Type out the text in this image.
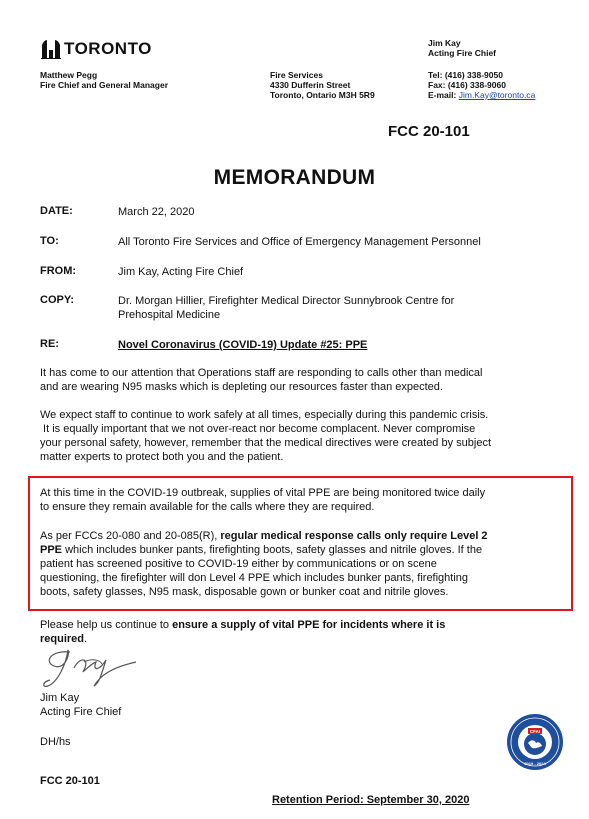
TORONTO	Jim Kay
Acting Fire Chief
Matthew Pegg
Fire Chief and General Manager
Fire Services
4330 Dufferin Street
Toronto, Ontario M3H 5R9
Tel: (416) 338-9050
Fax: (416) 338-9060
E-mail: Jim.Kay@toronto.ca
FCC 20-101
MEMORANDUM
DATE:	March 22, 2020
TO:	All Toronto Fire Services and Office of Emergency Management Personnel
FROM:	Jim Kay, Acting Fire Chief
COPY:	Dr. Morgan Hillier, Firefighter Medical Director Sunnybrook Centre for
Prehospital Medicine
RE:	Novel Coronavirus (COVID-19) Update #25: PPE
It has come to our attention that Operations staff are responding to calls other than medical
and are wearing N95 masks which is depleting our resources faster than expected.
We expect staff to continue to work safely at all times, especially during this pandemic crisis.
It is equally important that we not over-react nor become complacent. Never compromise
your personal safety, however, remember that the medical directives were created by subject
matter experts to protect both you and the patient.
At this time in the COVID-19 outbreak, supplies of vital PPE are being monitored twice daily
to ensure they remain available for the calls where they are required.
As per FCCs 20-080 and 20-085(R), regular medical response calls only require Level 2
PPE which includes bunker pants, firefighting boots, safety glasses and nitrile gloves. If the
patient has screened positive to COVID-19 either by communications or on scene
questioning, the firefighter will don Level 4 PPE which includes bunker pants, firefighting
boots, safety glasses, N95 mask, disposable gown or bunker coat and nitrile gloves.
Please help us continue to ensure a supply of vital PPE for incidents where it is
required.
Jim Kay
Acting Fire Chief
DH/hs
CFAI
2019 - 2024
FCC 20-101
Retention Period: September 30, 2020
